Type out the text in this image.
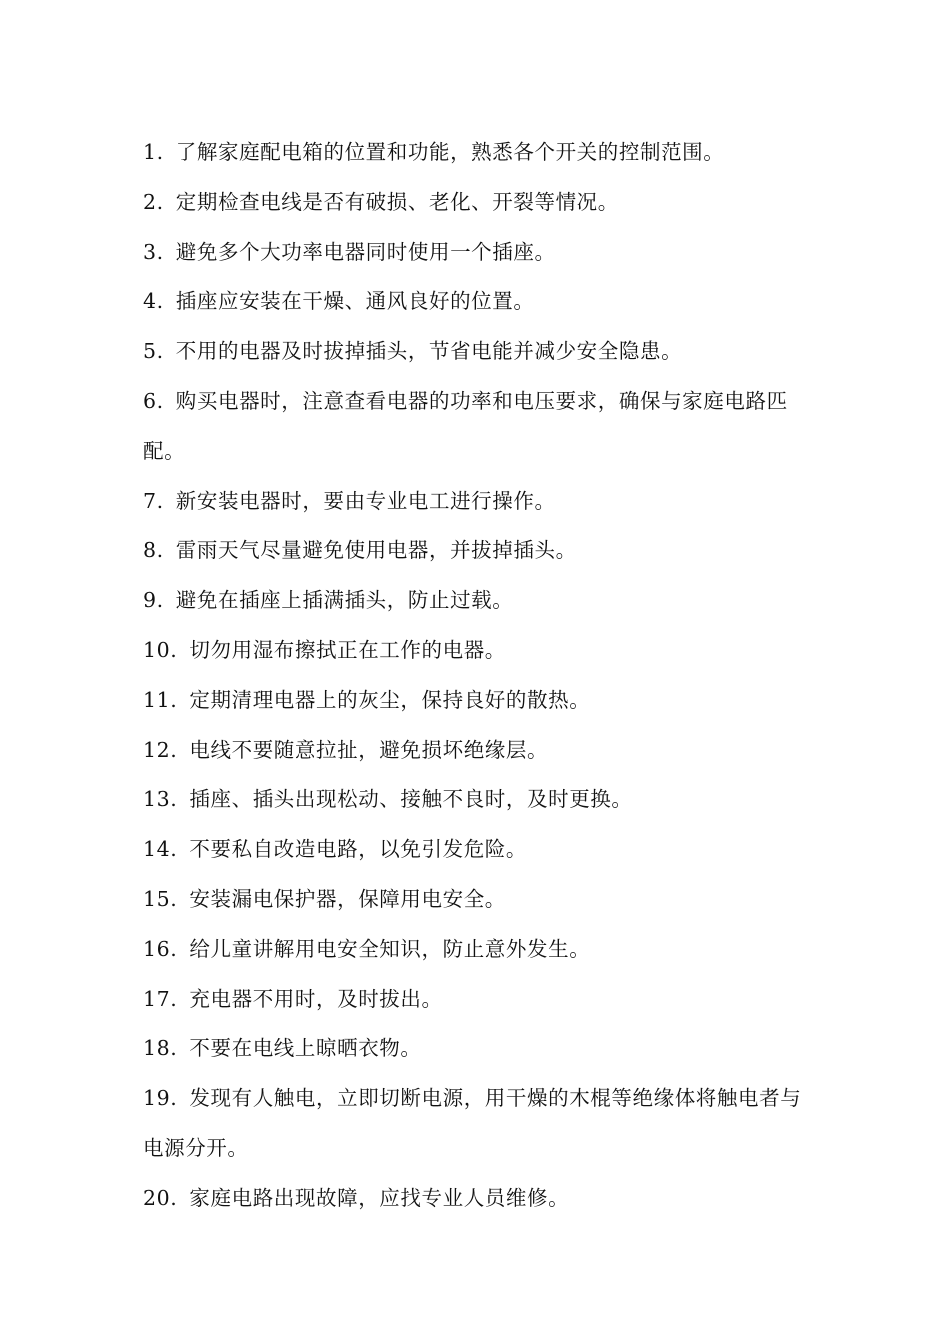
1. 了解家庭配电箱的位置和功能，熟悉各个开关的控制范围。

2. 定期检查电线是否有破损、老化、开裂等情况。

3. 避免多个大功率电器同时使用一个插座。

4. 插座应安装在干燥、通风良好的位置。

5. 不用的电器及时拔掉插头，节省电能并减少安全隐患。

6. 购买电器时，注意查看电器的功率和电压要求，确保与家庭电路匹配。

7. 新安装电器时，要由专业电工进行操作。

8. 雷雨天气尽量避免使用电器，并拔掉插头。

9. 避免在插座上插满插头，防止过载。

10. 切勿用湿布擦拭正在工作的电器。

11. 定期清理电器上的灰尘，保持良好的散热。

12. 电线不要随意拉扯，避免损坏绝缘层。

13. 插座、插头出现松动、接触不良时，及时更换。

14. 不要私自改造电路，以免引发危险。

15. 安装漏电保护器，保障用电安全。

16. 给儿童讲解用电安全知识，防止意外发生。

17. 充电器不用时，及时拔出。

18. 不要在电线上晾晒衣物。

19. 发现有人触电，立即切断电源，用干燥的木棍等绝缘体将触电者与电源分开。

20. 家庭电路出现故障，应找专业人员维修。
